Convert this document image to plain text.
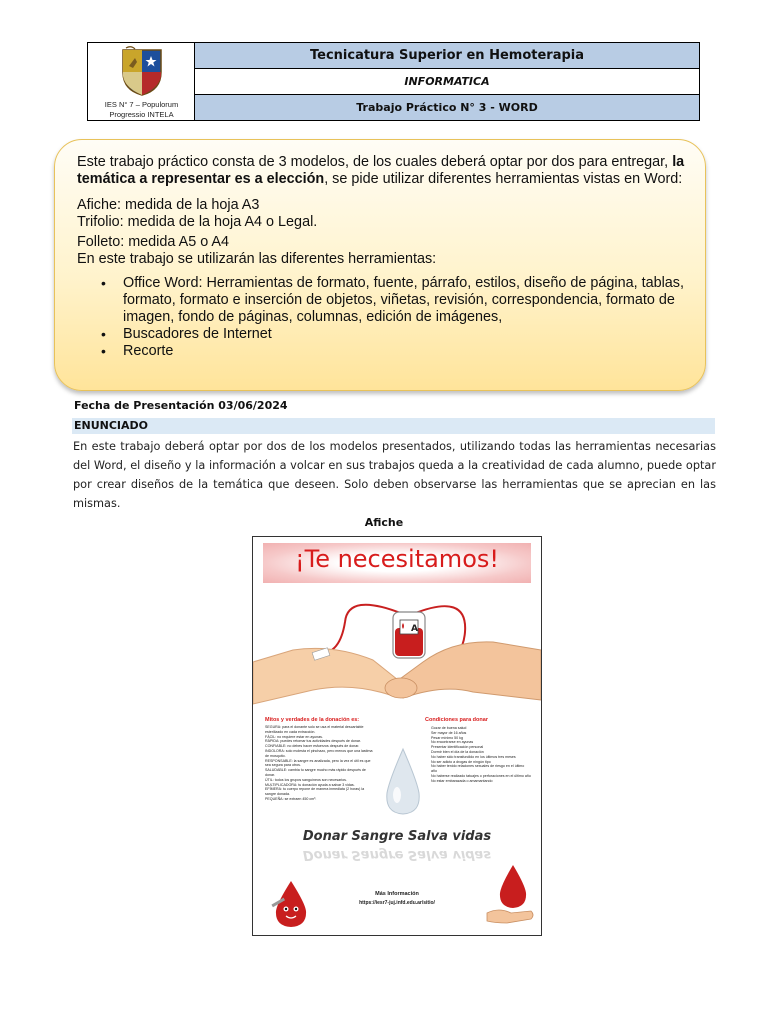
IES N° 7 – Populorum
Progressio INTELA
Tecnicatura Superior en Hemoterapia
INFORMATICA
Trabajo Práctico N° 3 - WORD

Este trabajo práctico consta de 3 modelos, de los cuales deberá optar por dos para entregar, la temática a representar es a elección, se pide utilizar diferentes herramientas vistas en Word:

Afiche: medida de la hoja A3

Trifolio: medida de la hoja A4 o Legal.

Folleto: medida A5 o A4

En este trabajo se utilizarán las diferentes herramientas:

• Office Word: Herramientas de formato, fuente, párrafo, estilos, diseño de página, tablas, formato, formato e inserción de objetos, viñetas, revisión, correspondencia, formato de imagen, fondo de páginas, columnas, edición de imágenes,
• Buscadores de Internet
• Recorte
Fecha de Presentación 03/06/2024
ENUNCIADO
En este trabajo deberá optar por dos de los modelos presentados, utilizando todas las herramientas necesarias del Word, el diseño y la información a volcar en sus trabajos queda a la creatividad de cada alumno, puede optar por crear diseños de la temática que deseen. Solo deben observarse las herramientas que se aprecian en las mismas.
Afiche
¡Te necesitamos!
A
Mitos y verdades de la donación es:
SEGURA: para el donante solo se usa el material descartable esterilizado en cada extracción.
FÁCIL: no requiere estar en ayunas.
RÁPIDA: puedes retomar tus actividades después de donar.
CONFIABLE: no debes hacer esfuerzos después de donar.
INDOLORA: solo molesta el pinchazo, pero menos que una lastima de mosquito.
RESPONSABLE: la sangre es analizada, pero la vez el útil es que sea segura para otros.
SALUDABLE: cambia tu sangre mucho más rápido después de donar.
ÚTIL: todos los grupos sanguíneos son necesarios.
MULTIPLICADORA: tu donación ayuda a salvar 3 vidas.
EFÍMERA: tu cuerpo repone de manera inmediata (2 horas) la sangre donada.
PEQUEÑA: se extraen 450 cm³.
Condiciones para donar
Gozar de buena salud
Ser mayor de 16 años
Pesar mínimo 50 kg
No encontrarse en ayunas
Presentar identificación personal
Dormir bien el día de la donación
No haber sido transfundido en los últimos tres meses
No ser adicto a drogas de ningún tipo
No haber tenido relaciones sexuales de riesgo en el último año
No haberse realizado tatuajes o perforaciones en el último año
No estar embarazada o amamantando
Donar Sangre Salva vidas
Donar Sangre Salva vidas
Más Información
https://iesr7-juj.infd.edu.ar/sitio/
